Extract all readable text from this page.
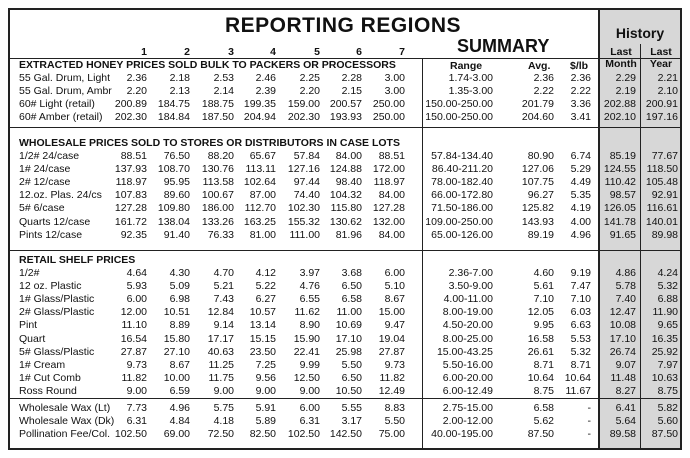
REPORTING REGIONS
SUMMARY
History
Last
Month
Last
Year
Range	Avg. $/lb
1	2	3	4	5	6	7
EXTRACTED HONEY PRICES SOLD BULK TO PACKERS OR PROCESSORS
55 Gal. Drum, Light 2.36 2.18 2.53 2.46 2.25 2.28 3.00	1.74-3.00	2.36 2.36 2.29 2.21
55 Gal. Drum, Ambr 2.20 2.13 2.14 2.39 2.20 2.15 3.00	1.35-3.00	2.22 2.22 2.19 2.10
60# Light (retail) 200.89 184.75 188.75 199.35 159.00 200.57 250.00 150.00-250.00	201.79 3.36 202.88 200.91
60# Amber (retail) 202.30 184.84 187.50 204.94 202.30 193.93 250.00 150.00-250.00	204.60 3.41 202.10 197.16
WHOLESALE PRICES SOLD TO STORES OR DISTRIBUTORS IN CASE LOTS
1/2# 24/case	88.51 76.50 88.20 65.67 57.84 84.00 88.51 57.84-134.40	80.90 6.74 85.19 77.67
1# 24/case	137.93 108.70 130.76 113.11 127.16 124.88 172.00	86.40-211.20	127.06 5.29 124.55 118.50
2# 12/case	118.97 95.95 113.58 102.64 97.44 98.40 118.97 78.00-182.40	107.75 4.49 110.42 105.48
12.oz. Plas. 24/cs 107.83 89.60 100.67 87.00 74.40 104.32 84.00 66.00-172.80	96.27 5.35 98.57 92.91
5# 6/case	127.28 109.80 186.00 112.70 102.30 115.80 127.28 71.50-186.00	125.82 4.19 126.05 116.61
Quarts 12/case 161.72 138.04 133.26 163.25 155.32 130.62 132.00 109.00-250.00	143.93 4.00 141.78 140.01
Pints 12/case	92.35 91.40 76.33 81.00 111.00 81.96 84.00 65.00-126.00	89.19 4.96 91.65 89.98
RETAIL SHELF PRICES
1/2#	4.64 4.30 4.70 4.12 3.97 3.68 6.00	2.36-7.00	4.60 9.19 4.86 4.24
12 oz. Plastic	5.93 5.09 5.21 5.22 4.76 6.50 5.10	3.50-9.00	5.61 7.47 5.78 5.32
1# Glass/Plastic	6.00 6.98 7.43 6.27 6.55 6.58 8.67	4.00-11.00	7.10 7.10 7.40 6.88
2# Glass/Plastic	12.00 10.51 12.84 10.57 11.62 11.00 15.00	8.00-19.00	12.05 6.03 12.47 11.90
Pint	11.10 8.89 9.14 13.14 8.90 10.69 9.47	4.50-20.00	9.95 6.63 10.08 9.65
Quart	16.54 15.80 17.17 15.15 15.90 17.10 19.04	8.00-25.00	16.58 5.53 17.10 16.35
5# Glass/Plastic	27.87 27.10 40.63 23.50 22.41 25.98 27.87	15.00-43.25	26.61 5.32 26.74 25.92
1# Cream	9.73 8.67 11.25 7.25 9.99 5.50 9.73	5.50-16.00	8.71 8.71 9.07 7.97
1# Cut Comb	11.82 10.00 11.75 9.56 12.50 6.50 11.82	6.00-20.00	10.64 10.64 11.48 10.63
Ross Round	9.00 6.59 9.00 9.00 9.00 10.50 12.49	6.00-12.49	8.75 11.67 8.27 8.75
Wholesale Wax (Lt) 7.73 4.96 5.75 5.91 6.00 5.55 8.83	2.75-15.00	6.58	- 6.41 5.82
Wholesale Wax (Dk) 6.31 4.84 4.18 5.89 6.31 3.17 5.50	2.00-12.00	5.62	- 5.64 5.60
Pollination Fee/Col. 102.50 69.00 72.50 82.50 102.50 142.50 75.00 40.00-195.00	87.50	- 89.58 87.50
